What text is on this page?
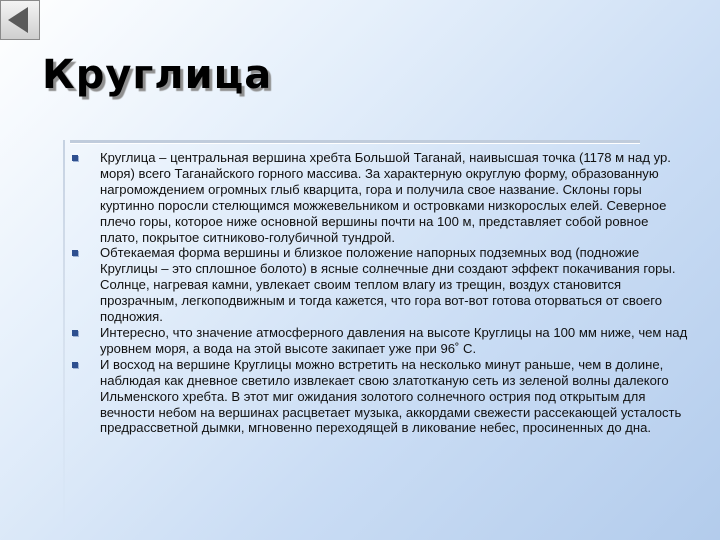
Круглица
Круглица – центральная вершина хребта Большой Таганай, наивысшая точка (1178 м над ур. моря) всего Таганайского горного массива. За характерную округлую форму, образованную нагромождением огромных глыб кварцита, гора и получила свое название. Склоны горы куртинно поросли стелющимся можжевельником и островками низкорослых елей. Северное плечо горы, которое ниже основной вершины почти на 100 м, представляет собой ровное плато, покрытое ситниково-голубичной тундрой.
Обтекаемая форма вершины и близкое положение напорных подземных вод (подножие Круглицы – это сплошное болото) в ясные солнечные дни создают эффект покачивания горы. Солнце, нагревая камни, увлекает своим теплом влагу из трещин, воздух становится прозрачным, легкоподвижным и тогда кажется, что гора вот-вот готова оторваться от своего подножия.
Интересно, что значение атмосферного давления на высоте Круглицы на 100 мм ниже, чем над уровнем моря, а вода на этой высоте закипает уже при 96˚ С.
И восход на вершине Круглицы можно встретить на несколько минут раньше, чем в долине, наблюдая как дневное светило извлекает свою златотканую сеть из зеленой волны далекого Ильменского хребта. В этот миг ожидания золотого солнечного острия под открытым для вечности небом на вершинах расцветает музыка, аккордами свежести рассекающей усталость предрассветной дымки, мгновенно переходящей в ликование небес, просиненных до дна.
